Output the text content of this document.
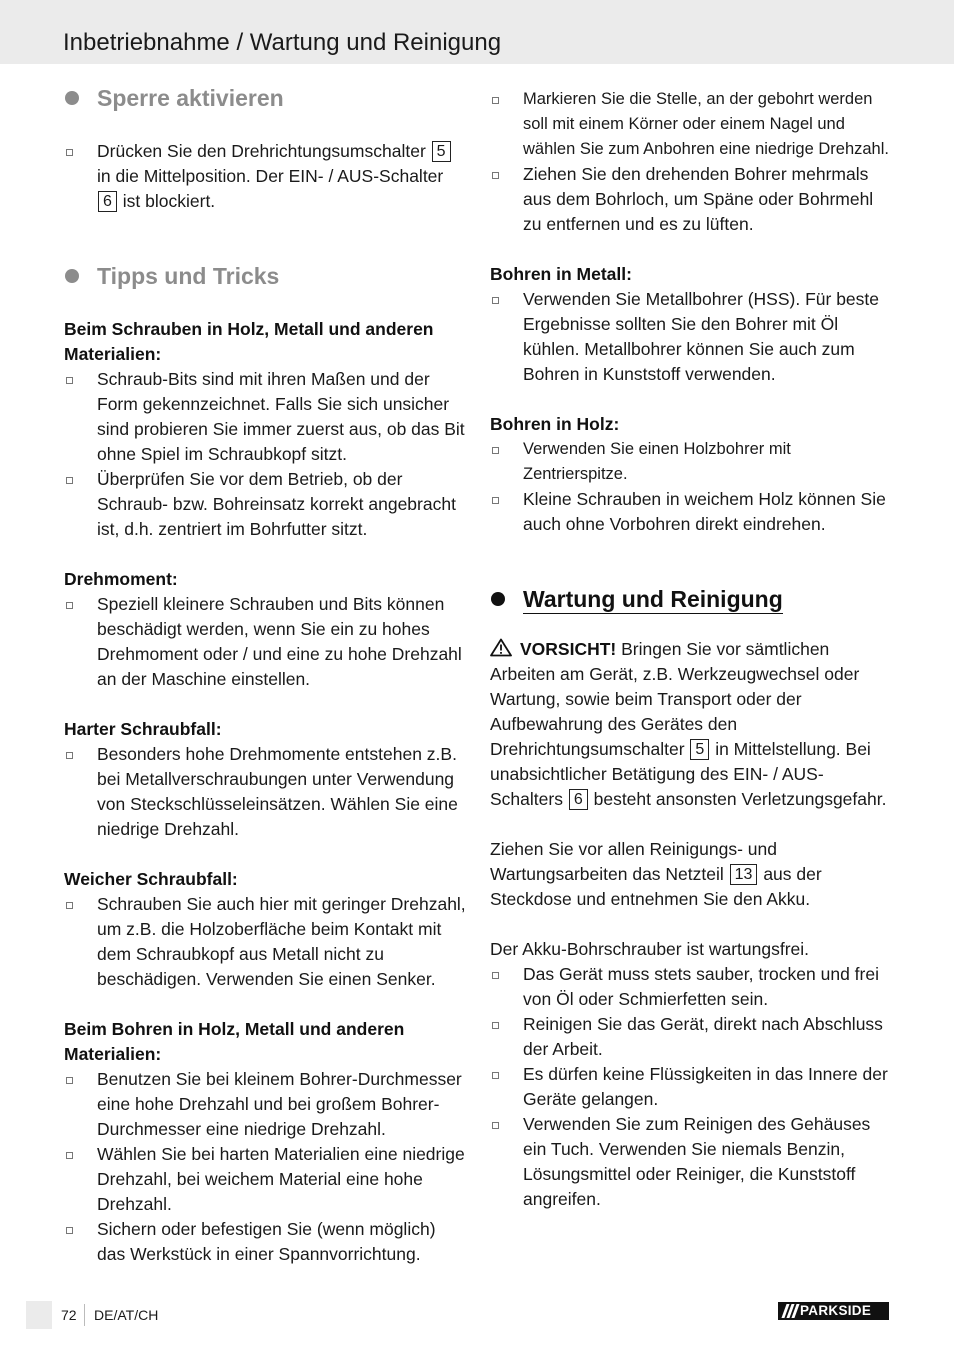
Inbetriebnahme / Wartung und Reinigung
Sperre aktivieren
Drücken Sie den Drehrichtungsumschalter 5 in die Mittelposition. Der EIN- / AUS-Schalter 6 ist blockiert.
Tipps und Tricks
Beim Schrauben in Holz, Metall und anderen Materialien:
Schraub-Bits sind mit ihren Maßen und der Form gekennzeichnet. Falls Sie sich unsicher sind probieren Sie immer zuerst aus, ob das Bit ohne Spiel im Schraubkopf sitzt.
Überprüfen Sie vor dem Betrieb, ob der Schraub- bzw. Bohreinsatz korrekt angebracht ist, d.h. zentriert im Bohrfutter sitzt.
Drehmoment:
Speziell kleinere Schrauben und Bits können beschädigt werden, wenn Sie ein zu hohes Drehmoment oder / und eine zu hohe Drehzahl an der Maschine einstellen.
Harter Schraubfall:
Besonders hohe Drehmomente entstehen z.B. bei Metallverschraubungen unter Verwendung von Steckschlüsseleinsätzen. Wählen Sie eine niedrige Drehzahl.
Weicher Schraubfall:
Schrauben Sie auch hier mit geringer Drehzahl, um z.B. die Holzoberfläche beim Kontakt mit dem Schraubkopf aus Metall nicht zu beschädigen. Verwenden Sie einen Senker.
Beim Bohren in Holz, Metall und anderen Materialien:
Benutzen Sie bei kleinem Bohrer-Durchmesser eine hohe Drehzahl und bei großem Bohrer-Durchmesser eine niedrige Drehzahl.
Wählen Sie bei harten Materialien eine niedrige Drehzahl, bei weichem Material eine hohe Drehzahl.
Sichern oder befestigen Sie (wenn möglich) das Werkstück in einer Spannvorrichtung.
Markieren Sie die Stelle, an der gebohrt werden soll mit einem Körner oder einem Nagel und wählen Sie zum Anbohren eine niedrige Drehzahl.
Ziehen Sie den drehenden Bohrer mehrmals aus dem Bohrloch, um Späne oder Bohrmehl zu entfernen und es zu lüften.
Bohren in Metall:
Verwenden Sie Metallbohrer (HSS). Für beste Ergebnisse sollten Sie den Bohrer mit Öl kühlen. Metallbohrer können Sie auch zum Bohren in Kunststoff verwenden.
Bohren in Holz:
Verwenden Sie einen Holzbohrer mit Zentrierspitze.
Kleine Schrauben in weichem Holz können Sie auch ohne Vorbohren direkt eindrehen.
Wartung und Reinigung
VORSICHT! Bringen Sie vor sämtlichen Arbeiten am Gerät, z.B. Werkzeugwechsel oder Wartung, sowie beim Transport oder der Aufbewahrung des Gerätes den Drehrichtungsumschalter 5 in Mittelstellung. Bei unabsichtlicher Betätigung des EIN- / AUS-Schalters 6 besteht ansonsten Verletzungsgefahr.
Ziehen Sie vor allen Reinigungs- und Wartungsarbeiten das Netzteil 13 aus der Steckdose und entnehmen Sie den Akku.
Der Akku-Bohrschrauber ist wartungsfrei.
Das Gerät muss stets sauber, trocken und frei von Öl oder Schmierfetten sein.
Reinigen Sie das Gerät, direkt nach Abschluss der Arbeit.
Es dürfen keine Flüssigkeiten in das Innere der Geräte gelangen.
Verwenden Sie zum Reinigen des Gehäuses ein Tuch. Verwenden Sie niemals Benzin, Lösungsmittel oder Reiniger, die Kunststoff angreifen.
72 DE/AT/CH	PARKSIDE
